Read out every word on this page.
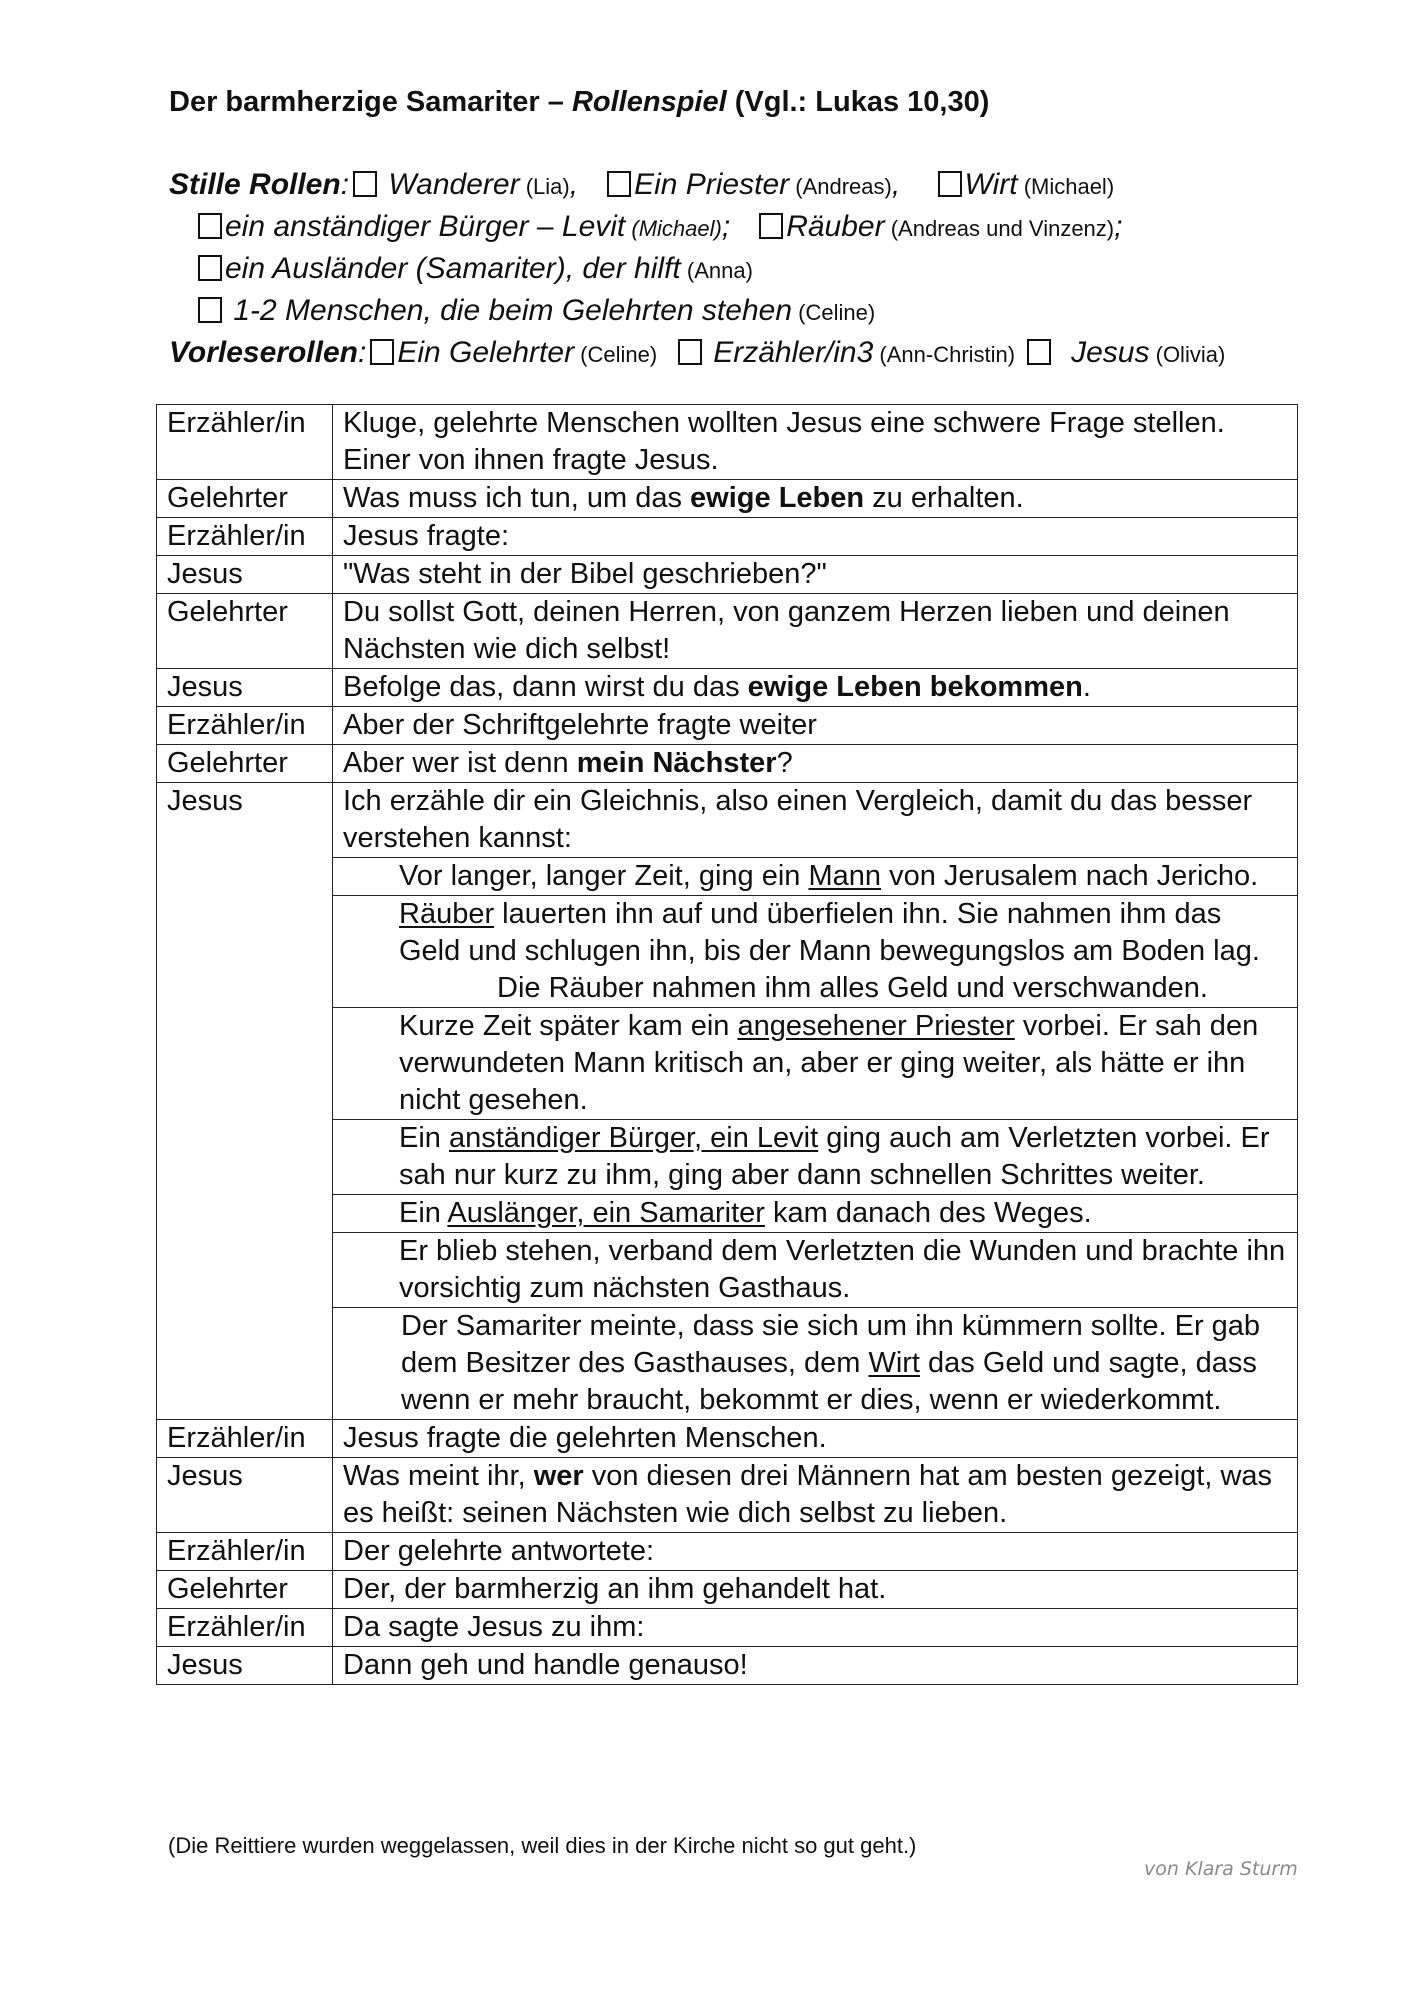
Der barmherzige Samariter – Rollenspiel (Vgl.: Lukas 10,30)
Stille Rollen: Wanderer (Lia), Ein Priester (Andreas), Wirt (Michael)
ein anständiger Bürger – Levit (Michael); Räuber (Andreas und Vinzenz);
ein Ausländer (Samariter), der hilft (Anna)
1-2 Menschen, die beim Gelehrten stehen (Celine)
Vorleserollen: Ein Gelehrter (Celine) Erzähler/in3 (Ann-Christin) Jesus (Olivia)
Erzähler/in	Kluge, gelehrte Menschen wollten Jesus eine schwere Frage stellen. Einer von ihnen fragte Jesus.
Gelehrter	Was muss ich tun, um das ewige Leben zu erhalten.
Erzähler/in	Jesus fragte:
Jesus	"Was steht in der Bibel geschrieben?"
Gelehrter	Du sollst Gott, deinen Herren, von ganzem Herzen lieben und deinen Nächsten wie dich selbst!
Jesus	Befolge das, dann wirst du das ewige Leben bekommen.
Erzähler/in	Aber der Schriftgelehrte fragte weiter
Gelehrter	Aber wer ist denn mein Nächster?
Jesus	Ich erzähle dir ein Gleichnis, also einen Vergleich, damit du das besser verstehen kannst:
	Vor langer, langer Zeit, ging ein Mann von Jerusalem nach Jericho.
	Räuber lauerten ihn auf und überfielen ihn. Sie nahmen ihm das Geld und schlugen ihn, bis der Mann bewegungslos am Boden lag.Die Räuber nahmen ihm alles Geld und verschwanden.
	Kurze Zeit später kam ein angesehener Priester vorbei. Er sah den verwundeten Mann kritisch an, aber er ging weiter, als hätte er ihn nicht gesehen.
	Ein anständiger Bürger, ein Levit ging auch am Verletzten vorbei. Er sah nur kurz zu ihm, ging aber dann schnellen Schrittes weiter.
	Ein Auslänger, ein Samariter kam danach des Weges.
	Er blieb stehen, verband dem Verletzten die Wunden und brachte ihn vorsichtig zum nächsten Gasthaus.
	Der Samariter meinte, dass sie sich um ihn kümmern sollte. Er gab dem Besitzer des Gasthauses, dem Wirt das Geld und sagte, dass wenn er mehr braucht, bekommt er dies, wenn er wiederkommt.
Erzähler/in	Jesus fragte die gelehrten Menschen.
Jesus	Was meint ihr, wer von diesen drei Männern hat am besten gezeigt, was es heißt: seinen Nächsten wie dich selbst zu lieben.
Erzähler/in	Der gelehrte antwortete:
Gelehrter	Der, der barmherzig an ihm gehandelt hat.
Erzähler/in	Da sagte Jesus zu ihm:
Jesus	Dann geh und handle genauso!
(Die Reittiere wurden weggelassen, weil dies in der Kirche nicht so gut geht.)
von Klara Sturm
